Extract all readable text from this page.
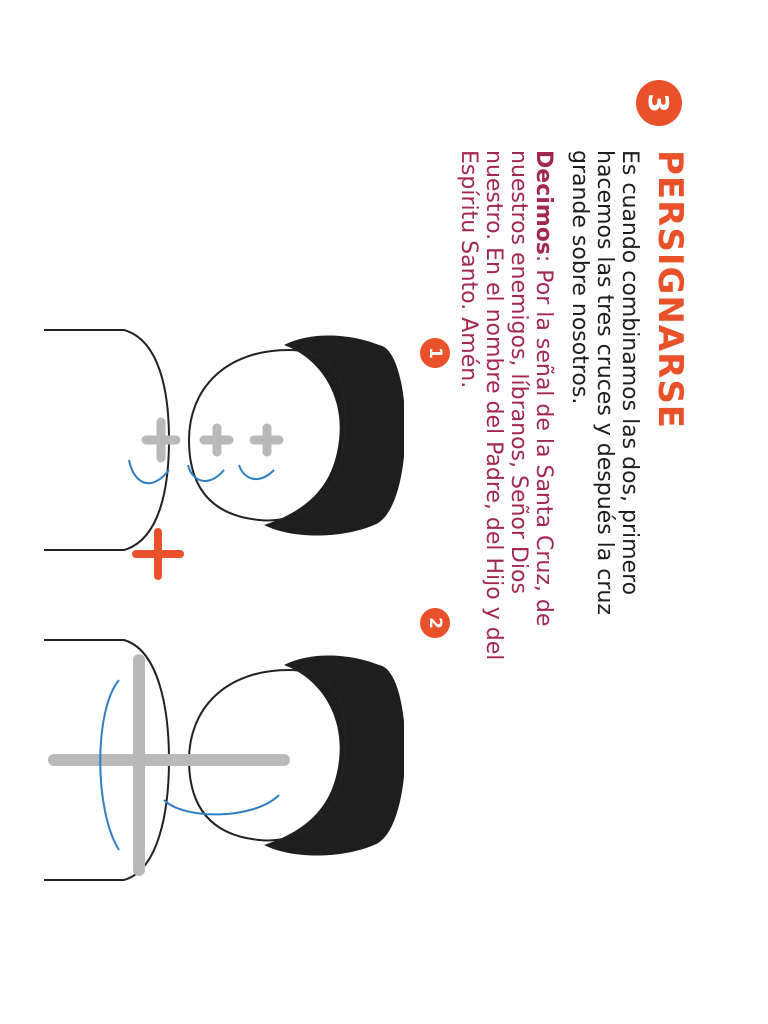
3
PERSIGNARSE
Es cuando combinamos las dos, primero hacemos las tres cruces y después la cruz grande sobre nosotros.
Decimos: Por la señal de la Santa Cruz, de nuestros enemigos, líbranos, Señor Dios nuestro. En el nombre del Padre, del Hijo y del Espíritu Santo. Amén.
1
2
